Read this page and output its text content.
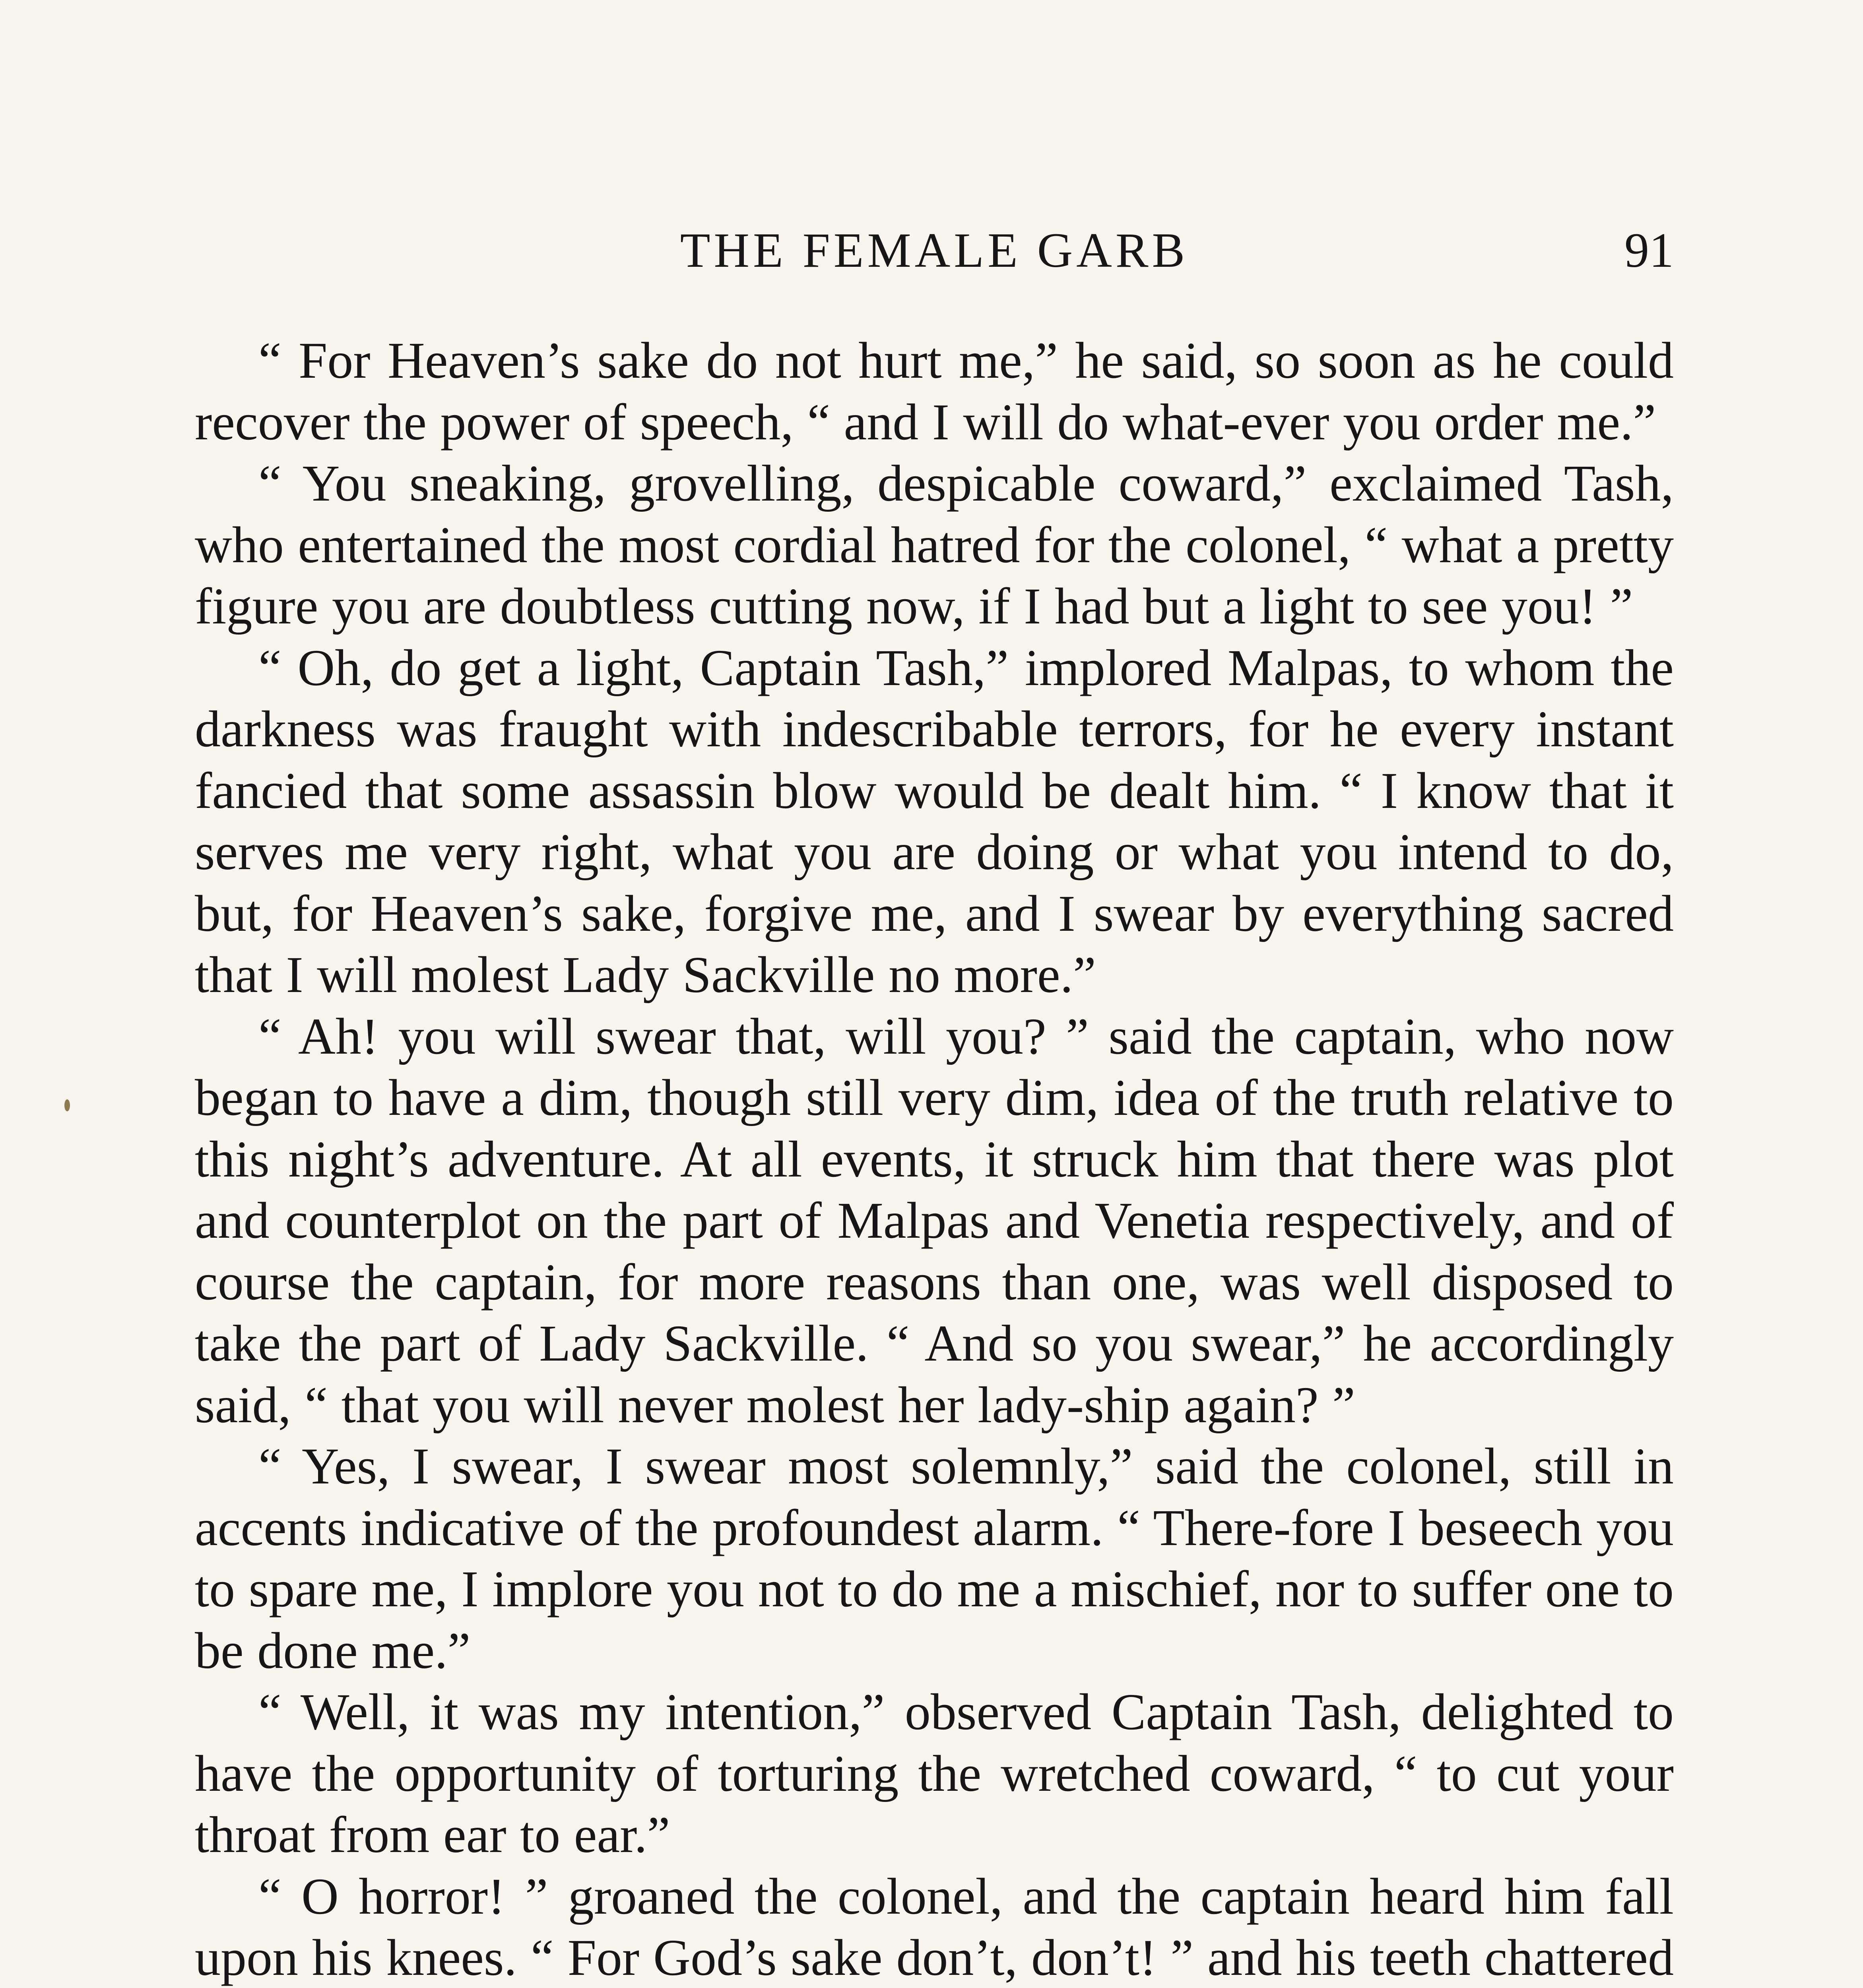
THE FEMALE GARB	91

“ For Heaven’s sake do not hurt me,” he said, so soon as he could recover the power of speech, “ and I will do what-ever you order me.”

“ You sneaking, grovelling, despicable coward,” exclaimed Tash, who entertained the most cordial hatred for the colonel, “ what a pretty figure you are doubtless cutting now, if I had but a light to see you! ”

“ Oh, do get a light, Captain Tash,” implored Malpas, to whom the darkness was fraught with indescribable terrors, for he every instant fancied that some assassin blow would be dealt him. “ I know that it serves me very right, what you are doing or what you intend to do, but, for Heaven’s sake, forgive me, and I swear by everything sacred that I will molest Lady Sackville no more.”

“ Ah! you will swear that, will you? ” said the captain, who now began to have a dim, though still very dim, idea of the truth relative to this night’s adventure. At all events, it struck him that there was plot and counterplot on the part of Malpas and Venetia respectively, and of course the captain, for more reasons than one, was well disposed to take the part of Lady Sackville. “ And so you swear,” he accordingly said, “ that you will never molest her lady-ship again? ”

“ Yes, I swear, I swear most solemnly,” said the colonel, still in accents indicative of the profoundest alarm. “ There-fore I beseech you to spare me, I implore you not to do me a mischief, nor to suffer one to be done me.”

“ Well, it was my intention,” observed Captain Tash, delighted to have the opportunity of torturing the wretched coward, “ to cut your throat from ear to ear.”

“ O horror! ” groaned the colonel, and the captain heard him fall upon his knees. “ For God’s sake don’t, don’t! ” and his teeth chattered
